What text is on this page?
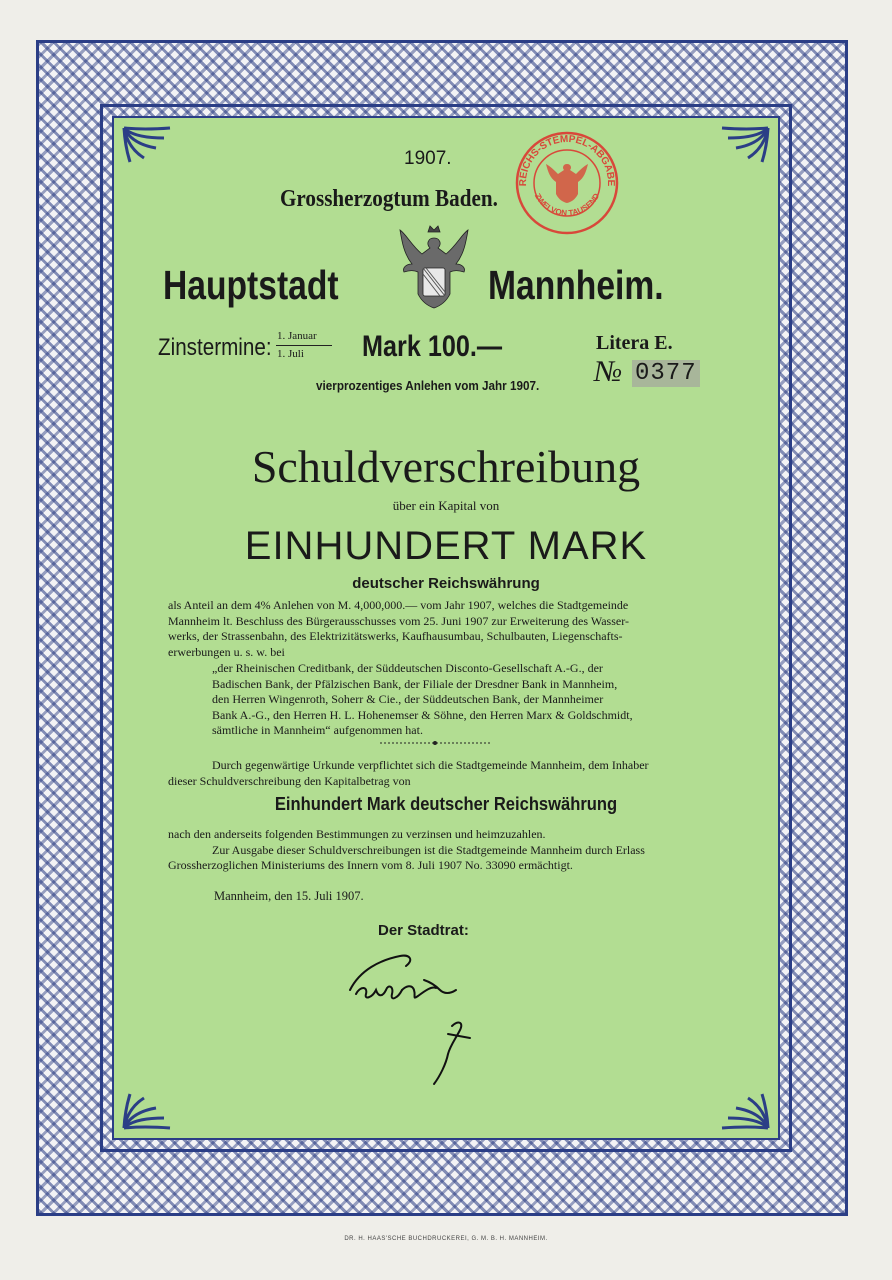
1907.
Grossherzogtum Baden.
Hauptstadt	Mannheim.
Zinstermine: 1. Januar
1. Juli Mark 100.—	Litera E.
№ 0377
vierprozentiges Anlehen vom Jahr 1907.
REICHS-STEMPEL-ABGABE
ZWEI VON TAUSEND
Schuldverschreibung
über ein Kapital von
EINHUNDERT MARK
deutscher Reichswährung
als Anteil an dem 4% Anlehen von M. 4,000,000.— vom Jahr 1907, welches die Stadtgemeinde
Mannheim lt. Beschluss des Bürgerausschusses vom 25. Juni 1907 zur Erweiterung des Wasser-
werks, der Strassenbahn, des Elektrizitätswerks, Kaufhausumbau, Schulbauten, Liegenschafts-
erwerbungen u. s. w. bei
„der Rheinischen Creditbank, der Süddeutschen Disconto-Gesellschaft A.-G., der
Badischen Bank, der Pfälzischen Bank, der Filiale der Dresdner Bank in Mannheim,
den Herren Wingenroth, Soherr & Cie., der Süddeutschen Bank, der Mannheimer
Bank A.-G., den Herren H. L. Hohenemser & Söhne, den Herren Marx & Goldschmidt,
sämtliche in Mannheim“ aufgenommen hat.
Durch gegenwärtige Urkunde verpflichtet sich die Stadtgemeinde Mannheim, dem Inhaber
dieser Schuldverschreibung den Kapitalbetrag von
Einhundert Mark deutscher Reichswährung
nach den anderseits folgenden Bestimmungen zu verzinsen und heimzuzahlen.
Zur Ausgabe dieser Schuldverschreibungen ist die Stadtgemeinde Mannheim durch Erlass
Grossherzoglichen Ministeriums des Innern vom 8. Juli 1907 No. 33090 ermächtigt.
Mannheim, den 15. Juli 1907.
Der Stadtrat:
DR. H. HAAS'SCHE BUCHDRUCKEREI, G. M. B. H. MANNHEIM.
